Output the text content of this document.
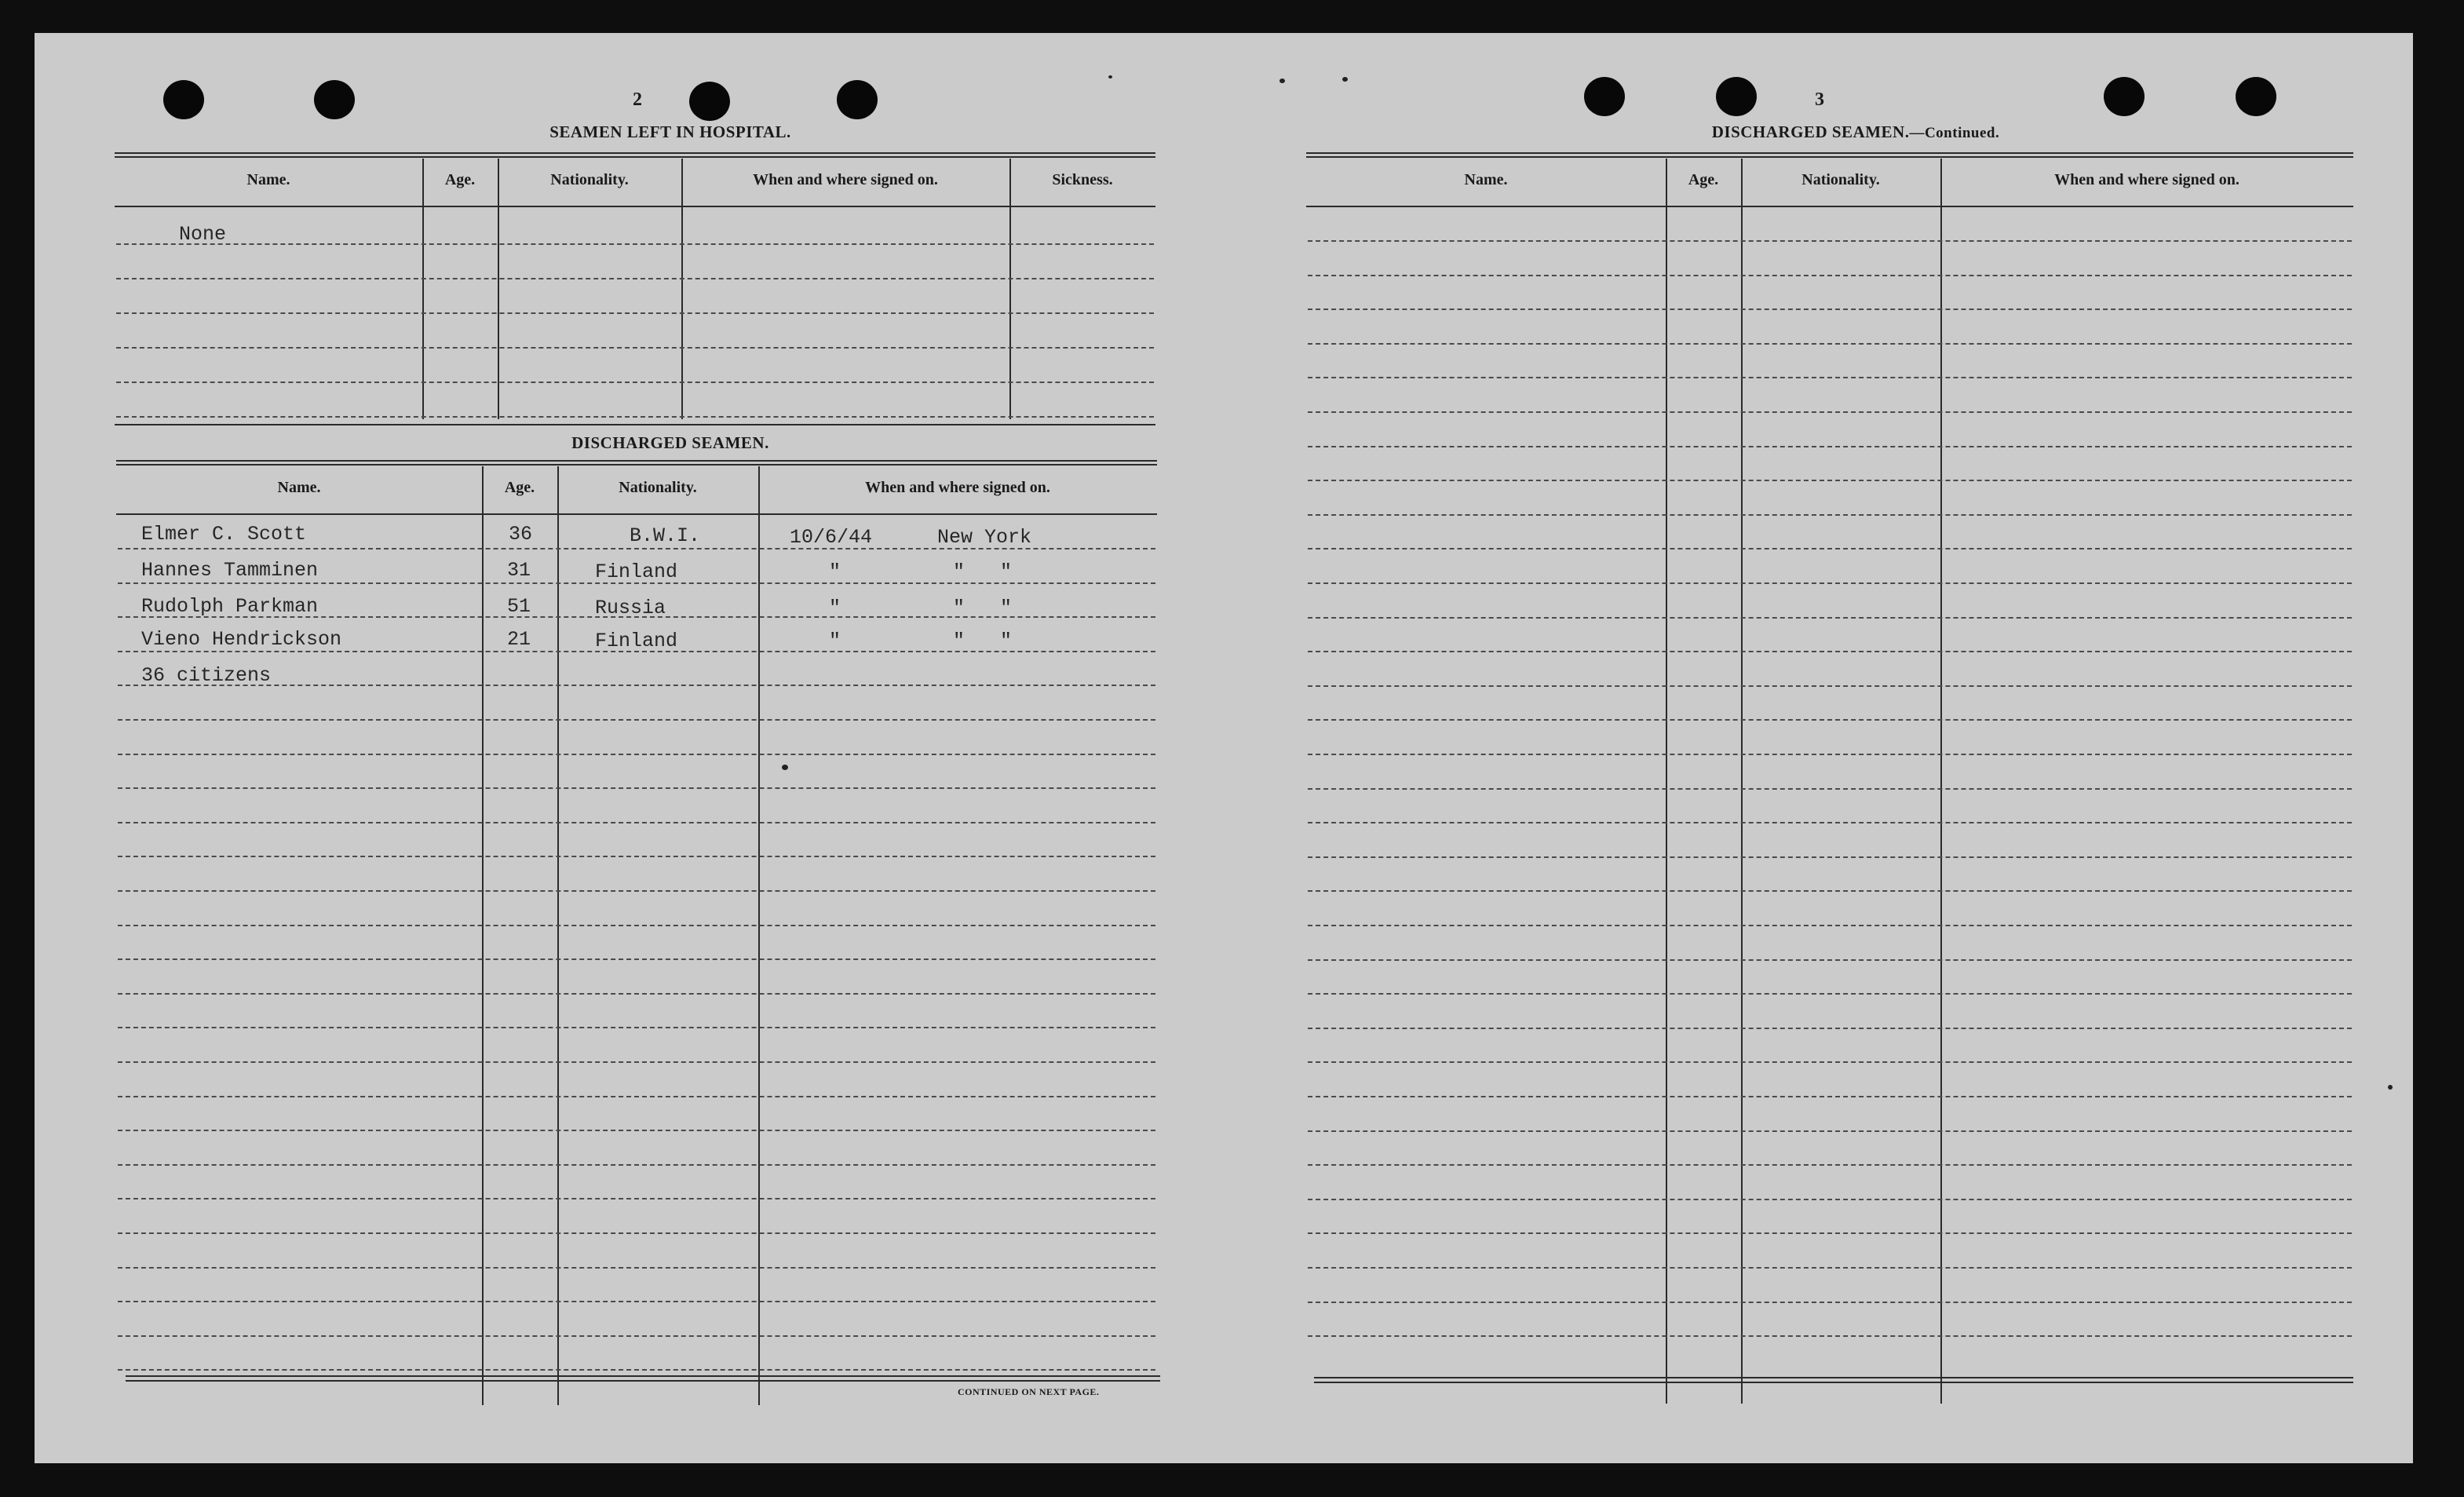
2
SEAMEN LEFT IN HOSPITAL.
Name.	Age.	Nationality.	When and where signed on.	Sickness.
None
DISCHARGED SEAMEN.
Name.	Age.	Nationality.	When and where signed on.
Elmer C. Scott	36	B.W.I.	10/6/44	New York
Hannes Tamminen	31	Finland	"	"   "
Rudolph Parkman	51	Russia	"	"   "
Vieno Hendrickson	21	Finland	"	"   "
36 citizens
CONTINUED ON NEXT PAGE.
3
DISCHARGED SEAMEN.—Continued.
Name.	Age.	Nationality.	When and where signed on.
